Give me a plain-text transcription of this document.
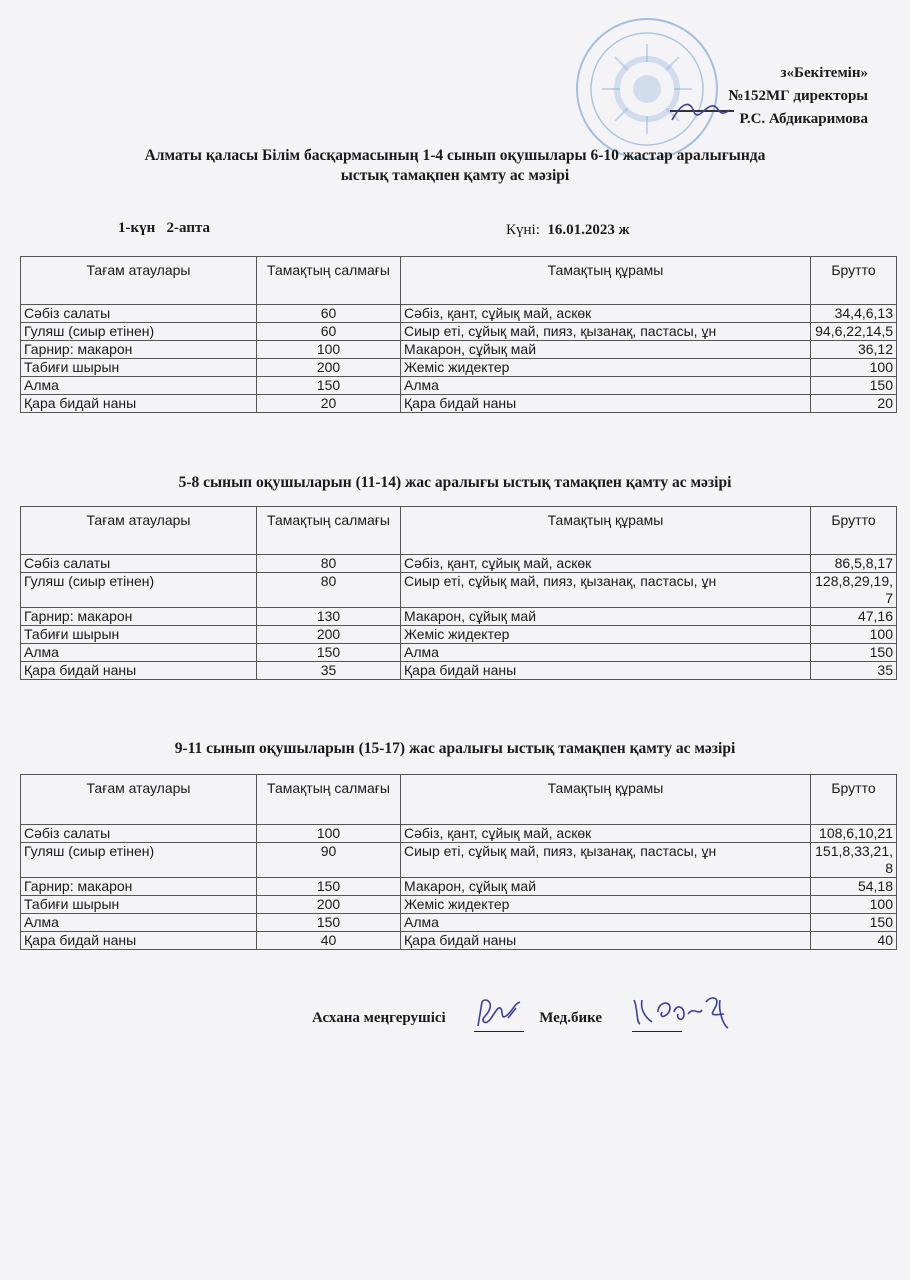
з«Бекітемін»
№152МГ директоры
Р.С. Абдикаримова
Алматы қаласы Білім басқармасының 1-4 сынып оқушылары 6-10 жастар аралығында
ыстық тамақпен қамту ас мәзірі
1-күн   2-апта	Күні: 16.01.2023 ж
Тағам атаулары	Тамақтың салмағы	Тамақтың құрамы	Брутто
Сәбіз салаты	60	Сәбіз, қант, сұйық май, аскөк	34,4,6,13
Гуляш (сиыр етінен)	60	Сиыр еті, сұйық май, пияз, қызанақ, пастасы, ұн	94,6,22,14,5
Гарнир: макарон	100	Макарон, сұйық май	36,12
Табиғи шырын	200	Жеміс жидектер	100
Алма	150	Алма	150
Қара бидай наны	20	Қара бидай наны	20
5-8 сынып оқушыларын (11-14) жас аралығы ыстық тамақпен қамту ас мәзірі
Тағам атаулары	Тамақтың салмағы	Тамақтың құрамы	Брутто
Сәбіз салаты	80	Сәбіз, қант, сұйық май, аскөк	86,5,8,17
Гуляш (сиыр етінен)	80	Сиыр еті, сұйық май, пияз, қызанақ, пастасы, ұн	128,8,29,19,7
Гарнир: макарон	130	Макарон, сұйық май	47,16
Табиғи шырын	200	Жеміс жидектер	100
Алма	150	Алма	150
Қара бидай наны	35	Қара бидай наны	35
9-11 сынып оқушыларын (15-17) жас аралығы ыстық тамақпен қамту ас мәзірі
Тағам атаулары	Тамақтың салмағы	Тамақтың құрамы	Брутто
Сәбіз салаты	100	Сәбіз, қант, сұйық май, аскөк	108,6,10,21
Гуляш (сиыр етінен)	90	Сиыр еті, сұйық май, пияз, қызанақ, пастасы, ұн	151,8,33,21,8
Гарнир: макарон	150	Макарон, сұйық май	54,18
Табиғи шырын	200	Жеміс жидектер	100
Алма	150	Алма	150
Қара бидай наны	40	Қара бидай наны	40
Асхана меңгерушісі	Мед.бике
